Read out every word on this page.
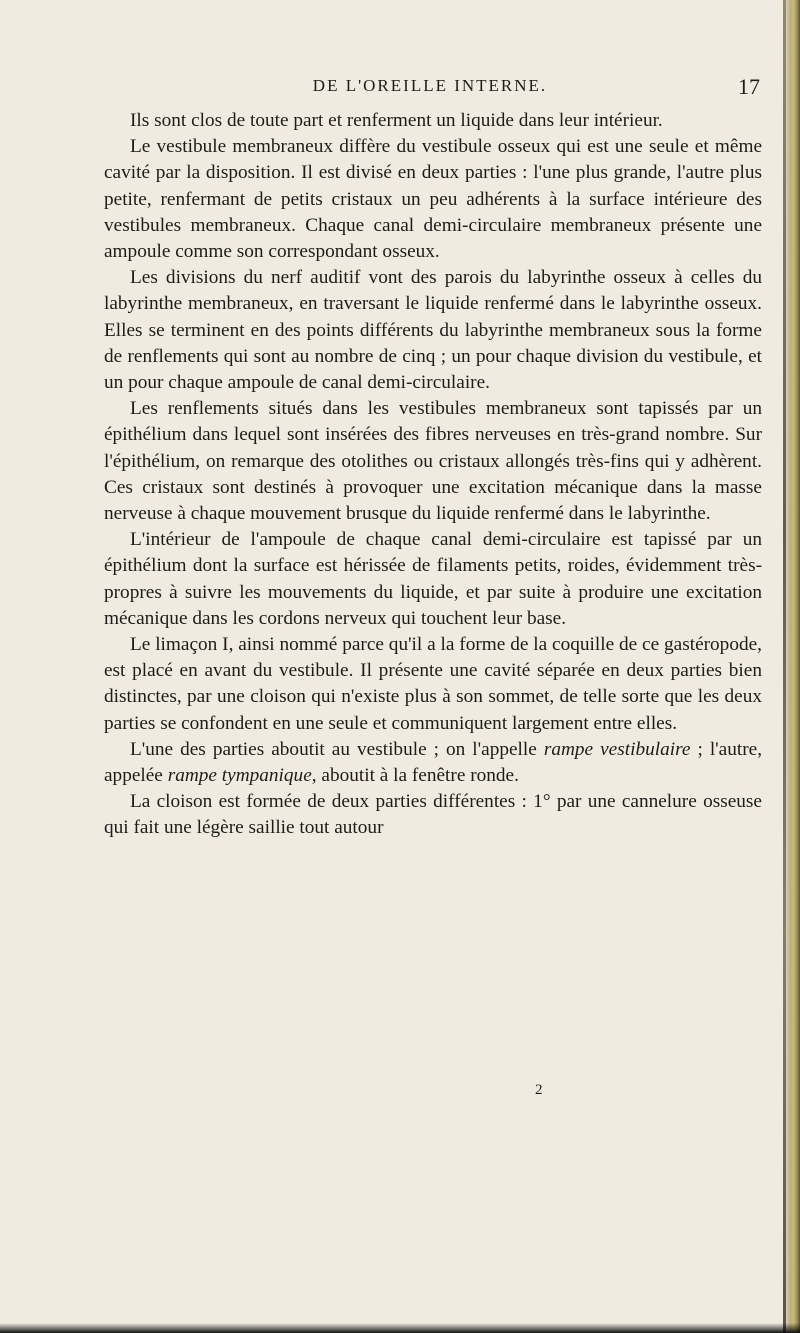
DE L'OREILLE INTERNE.	17

Ils sont clos de toute part et renferment un liquide dans leur intérieur.

Le vestibule membraneux diffère du vestibule osseux qui est une seule et même cavité par la disposition. Il est divisé en deux parties : l'une plus grande, l'autre plus petite, renfermant de petits cristaux un peu adhérents à la surface intérieure des vestibules membraneux. Chaque canal demi-circulaire membraneux présente une ampoule comme son correspondant osseux.

Les divisions du nerf auditif vont des parois du labyrinthe osseux à celles du labyrinthe membraneux, en traversant le liquide renfermé dans le labyrinthe osseux. Elles se terminent en des points différents du labyrinthe membraneux sous la forme de renflements qui sont au nombre de cinq ; un pour chaque division du vestibule, et un pour chaque ampoule de canal demi-circulaire.

Les renflements situés dans les vestibules membraneux sont tapissés par un épithélium dans lequel sont insérées des fibres nerveuses en très-grand nombre. Sur l'épithélium, on remarque des otolithes ou cristaux allongés très-fins qui y adhèrent. Ces cristaux sont destinés à provoquer une excitation mécanique dans la masse nerveuse à chaque mouvement brusque du liquide renfermé dans le labyrinthe.

L'intérieur de l'ampoule de chaque canal demi-circulaire est tapissé par un épithélium dont la surface est hérissée de filaments petits, roides, évidemment très-propres à suivre les mouvements du liquide, et par suite à produire une excitation mécanique dans les cordons nerveux qui touchent leur base.

Le limaçon I, ainsi nommé parce qu'il a la forme de la coquille de ce gastéropode, est placé en avant du vestibule. Il présente une cavité séparée en deux parties bien distinctes, par une cloison qui n'existe plus à son sommet, de telle sorte que les deux parties se confondent en une seule et communiquent largement entre elles.

L'une des parties aboutit au vestibule ; on l'appelle rampe vestibulaire ; l'autre, appelée rampe tympanique, aboutit à la fenêtre ronde.

La cloison est formée de deux parties différentes : 1° par une cannelure osseuse qui fait une légère saillie tout autour

2
